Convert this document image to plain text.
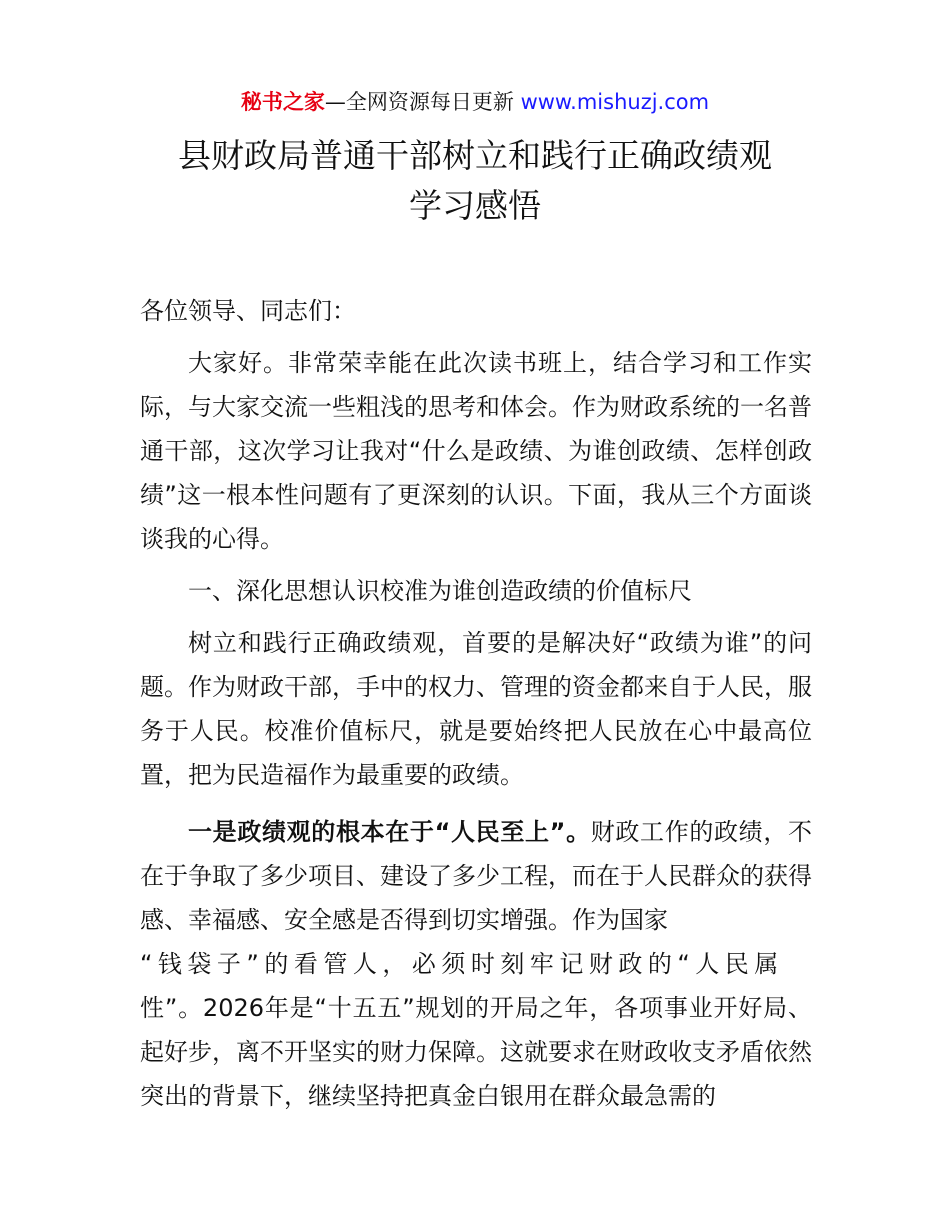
秘书之家—全网资源每日更新 www.mishuzj.com
县财政局普通干部树立和践行正确政绩观
学习感悟

各位领导、同志们：

大家好。非常荣幸能在此次读书班上，结合学习和工作实际，与大家交流一些粗浅的思考和体会。作为财政系统的一名普通干部，这次学习让我对“什么是政绩、为谁创政绩、怎样创政绩”这一根本性问题有了更深刻的认识。下面，我从三个方面谈谈我的心得。

一、深化思想认识校准为谁创造政绩的价值标尺

树立和践行正确政绩观，首要的是解决好“政绩为谁”的问题。作为财政干部，手中的权力、管理的资金都来自于人民，服务于人民。校准价值标尺，就是要始终把人民放在心中最高位置，把为民造福作为最重要的政绩。

一是政绩观的根本在于“人民至上”。财政工作的政绩，不在于争取了多少项目、建设了多少工程，而在于人民群众的获得感、幸福感、安全感是否得到切实增强。作为国家
“钱袋子”的看管人，必须时刻牢记财政的“人民属
性”。2026年是“十五五”规划的开局之年，各项事业开好局、起好步，离不开坚实的财力保障。这就要求在财政收支矛盾依然突出的背景下，继续坚持把真金白银用在群众最急需的
